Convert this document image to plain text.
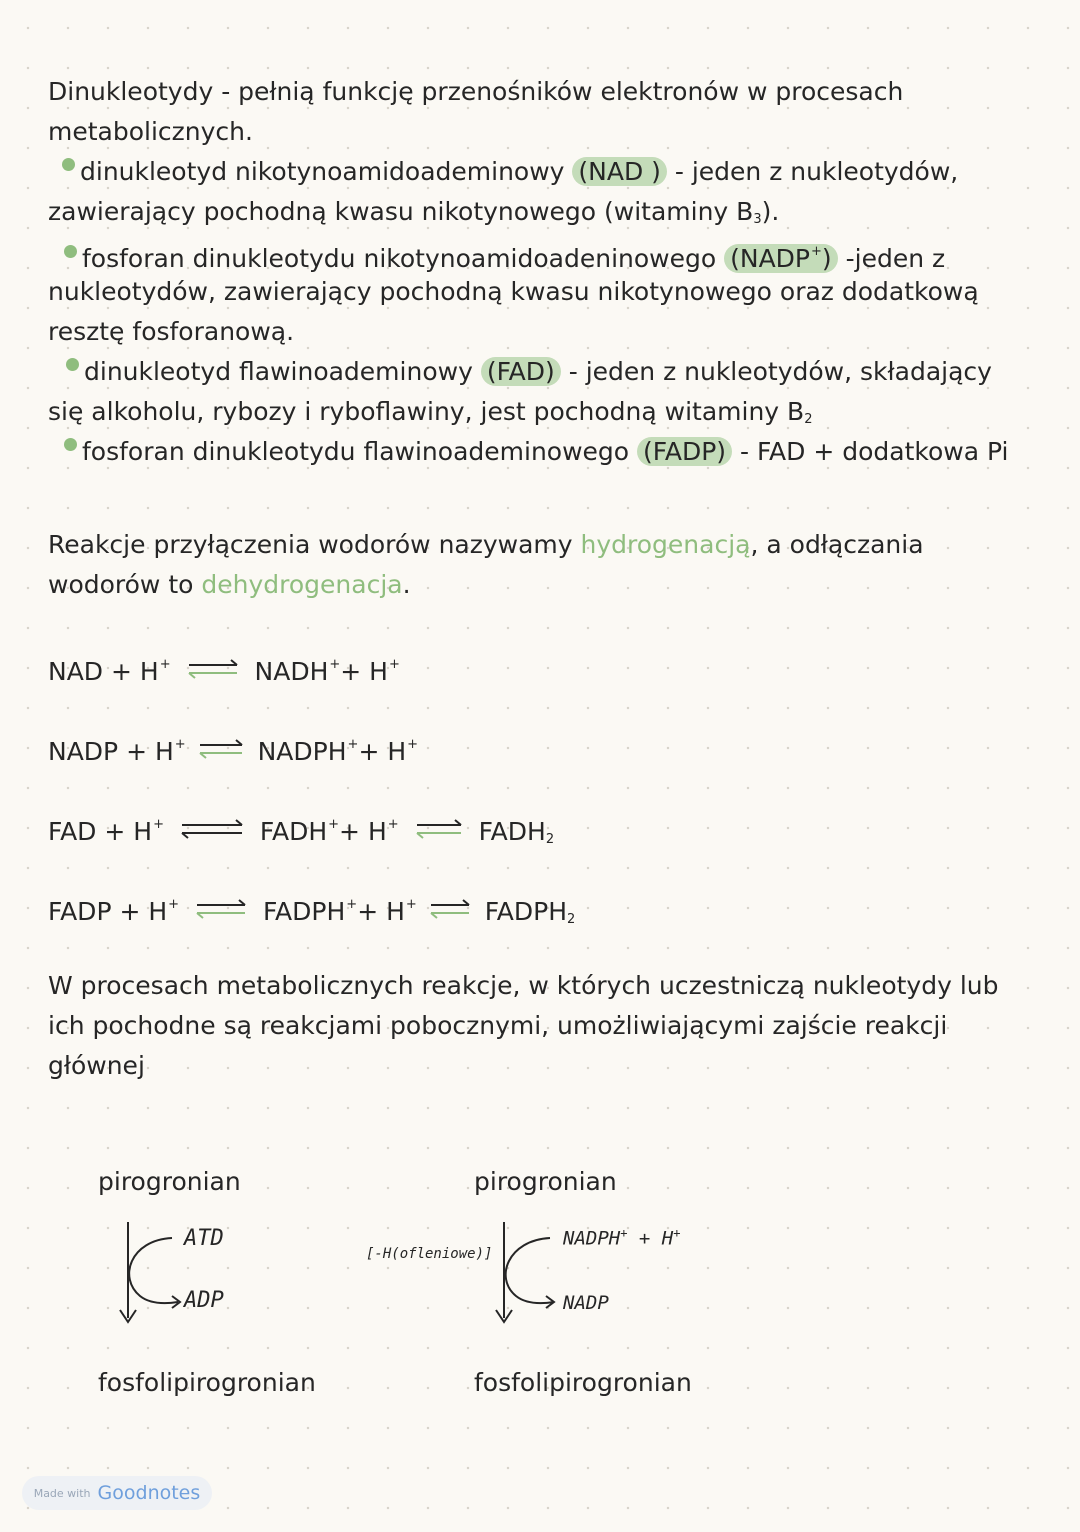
Dinukleotydy - pełnią funkcję przenośników elektronów w procesach
metabolicznych.
dinukleotyd nikotynoamidoademinowy (NAD ) - jeden z nukleotydów,
zawierający pochodną kwasu nikotynowego (witaminy $B_3$).
fosforan dinukleotydu nikotynoamidoadeninowego (NADP+) -jeden z
nukleotydów, zawierający pochodną kwasu nikotynowego oraz dodatkową
resztę fosforanową.
dinukleotyd flawinoademinowy (FAD) - jeden z nukleotydów, składający
się alkoholu, rybozy i ryboflawiny, jest pochodną witaminy $B_2$
fosforan dinukleotydu flawinoademinowego (FADP) - FAD + dodatkowa Pi
Reakcje przyłączenia wodorów nazywamy hydrogenacją, a odłączania
wodorów to dehydrogenacja.
NAD + H+ ⇌ NADH++ H+
NADP + H+ ⇌ NADPH++ H+
FAD + H+ ⇌ FADH++ H+ ⇌ $FADH_2$
FADP + H+ ⇌ FADPH++ H+ ⇌ $FADPH_2$
W procesach metabolicznych reakcje, w których uczestniczą nukleotydy lub
ich pochodne są reakcjami pobocznymi, umożliwiającymi zajście reakcji
głównej
pirogronian
ATD
ADP
fosfolipirogronian
pirogronian
[-H(ofleniowe)]
NADPH+ + H+
NADP
fosfolipirogronian
Made with Goodnotes
